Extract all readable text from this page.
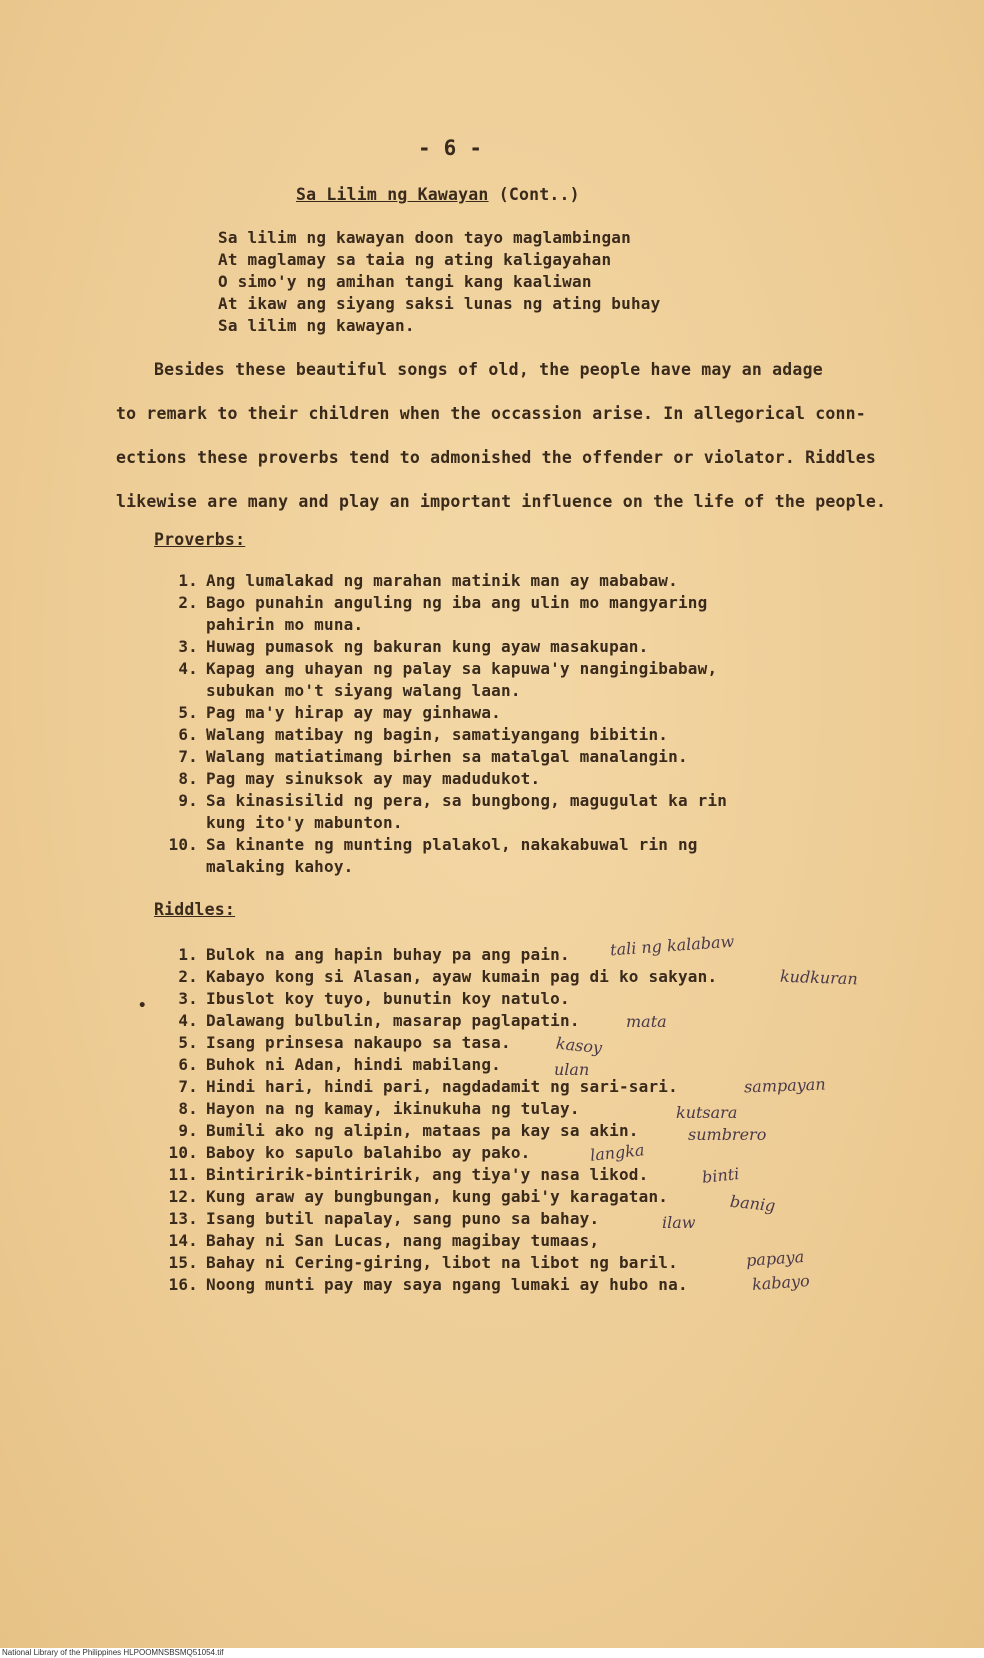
- 6 -
Sa Lilim ng Kawayan (Cont..)
Sa lilim ng kawayan doon tayo maglambingan
At maglamay sa taia ng ating kaligayahan
O simo'y ng amihan tangi kang kaaliwan
At ikaw ang siyang saksi lunas ng ating buhay
Sa lilim ng kawayan.
Besides these beautiful songs of old, the people have may an adage
to remark to their children when the occassion arise. In allegorical conn-
ections these proverbs tend to admonished the offender or violator. Riddles
likewise are many and play an important influence on the life of the people.
Proverbs:
1. Ang lumalakad ng marahan matinik man ay mababaw.
2. Bago punahin anguling ng iba ang ulin mo mangyaring
pahirin mo muna.
3. Huwag pumasok ng bakuran kung ayaw masakupan.
4. Kapag ang uhayan ng palay sa kapuwa'y nangingibabaw,
subukan mo't siyang walang laan.
5. Pag ma'y hirap ay may ginhawa.
6. Walang matibay ng bagin, samatiyangang bibitin.
7. Walang matiatimang birhen sa matalgal manalangin.
8. Pag may sinuksok ay may madudukot.
9. Sa kinasisilid ng pera, sa bungbong, magugulat ka rin
kung ito'y mabunton.
10. Sa kinante ng munting plalakol, nakakabuwal rin ng
malaking kahoy.
Riddles:
•
1. Bulok na ang hapin buhay pa ang pain.
2. Kabayo kong si Alasan, ayaw kumain pag di ko sakyan.
3. Ibuslot koy tuyo, bunutin koy natulo.
4. Dalawang bulbulin, masarap paglapatin.
5. Isang prinsesa nakaupo sa tasa.
6. Buhok ni Adan, hindi mabilang.
7. Hindi hari, hindi pari, nagdadamit ng sari-sari.
8. Hayon na ng kamay, ikinukuha ng tulay.
9. Bumili ako ng alipin, mataas pa kay sa akin.
10. Baboy ko sapulo balahibo ay pako.
11. Bintiririk-bintiririk, ang tiya'y nasa likod.
12. Kung araw ay bungbungan, kung gabi'y karagatan.
13. Isang butil napalay, sang puno sa bahay.
14. Bahay ni San Lucas, nang magibay tumaas,
15. Bahay ni Cering-giring, libot na libot ng baril.
16. Noong munti pay may saya ngang lumaki ay hubo na.
tali ng kalabaw
kudkuran
mata
kasoy
ulan
sampayan
kutsara
sumbrero
langka
binti
banig
ilaw
papaya
kabayo
National Library of the Philippines HLPOOMNSBSMQ51054.tif
